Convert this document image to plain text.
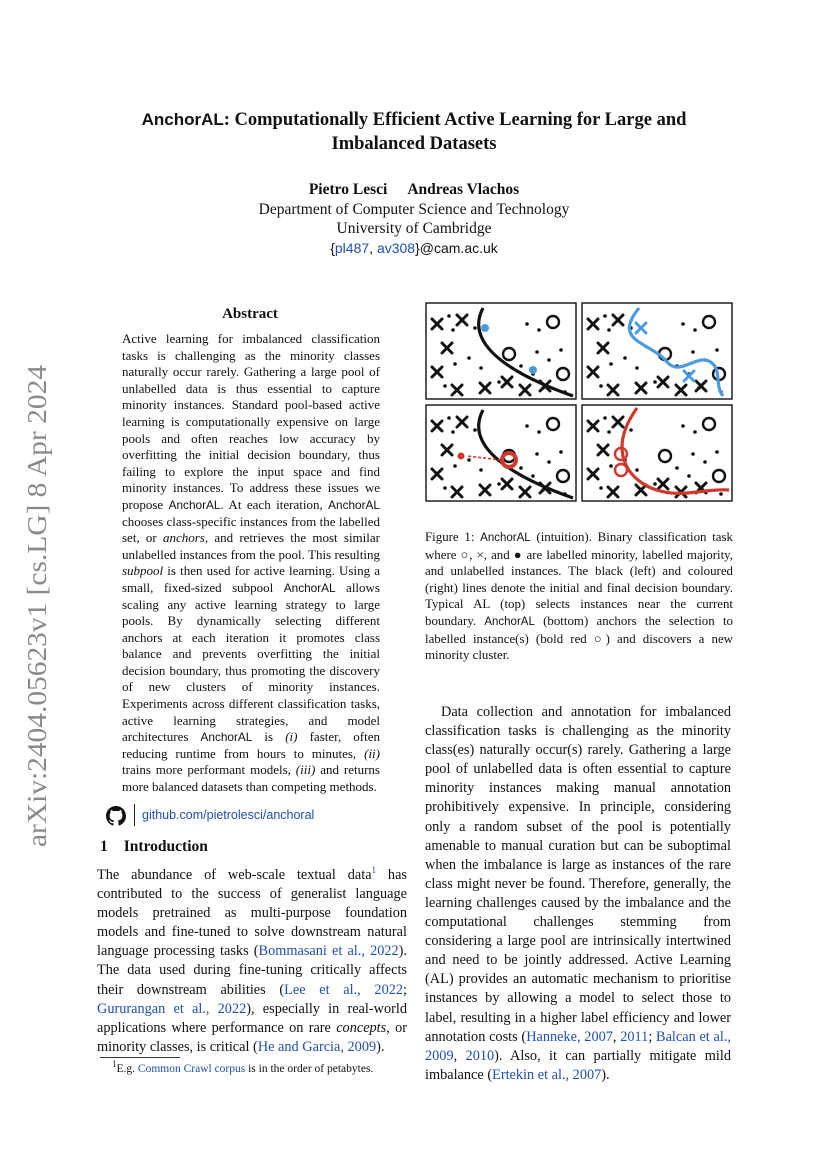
arXiv:2404.05623v1 [cs.LG] 8 Apr 2024
AnchorAL: Computationally Efficient Active Learning for Large and
Imbalanced Datasets
Pietro Lesci Andreas Vlachos
Department of Computer Science and Technology
University of Cambridge
{pl487, av308}@cam.ac.uk
Abstract
Active learning for imbalanced classification tasks is challenging as the minority classes naturally occur rarely. Gathering a large pool of unlabelled data is thus essential to capture minority instances. Standard pool-based active learning is computationally expensive on large pools and often reaches low accuracy by overfitting the initial decision boundary, thus failing to explore the input space and find minority instances. To address these issues we propose AnchorAL. At each iteration, AnchorAL chooses class-specific instances from the labelled set, or anchors, and retrieves the most similar unlabelled instances from the pool. This resulting subpool is then used for active learning. Using a small, fixed-sized subpool AnchorAL allows scaling any active learning strategy to large pools. By dynamically selecting different anchors at each iteration it promotes class balance and prevents overfitting the initial decision boundary, thus promoting the discovery of new clusters of minority instances. Experiments across different classification tasks, active learning strategies, and model architectures AnchorAL is (i) faster, often reducing runtime from hours to minutes, (ii) trains more performant models, (iii) and returns more balanced datasets than competing methods.
github.com/pietrolesci/anchoral
1 Introduction
The abundance of web-scale textual data$^1$ has contributed to the success of generalist language models pretrained as multi-purpose foundation models and fine-tuned to solve downstream natural language processing tasks (Bommasani et al., 2022). The data used during fine-tuning critically affects their downstream abilities (Lee et al., 2022; Gururangan et al., 2022), especially in real-world applications where performance on rare concepts, or minority classes, is critical (He and Garcia, 2009).
$^1$E.g. Common Crawl corpus is in the order of petabytes.
Figure 1: AnchorAL (intuition). Binary classification task where ○, ×, and ● are labelled minority, labelled majority, and unlabelled instances. The black (left) and coloured (right) lines denote the initial and final decision boundary. Typical AL (top) selects instances near the current boundary. AnchorAL (bottom) anchors the selection to labelled instance(s) (bold red ○) and discovers a new minority cluster.
Data collection and annotation for imbalanced classification tasks is challenging as the minority class(es) naturally occur(s) rarely. Gathering a large pool of unlabelled data is often essential to capture minority instances making manual annotation prohibitively expensive. In principle, considering only a random subset of the pool is potentially amenable to manual curation but can be suboptimal when the imbalance is large as instances of the rare class might never be found. Therefore, generally, the learning challenges caused by the imbalance and the computational challenges stemming from considering a large pool are intrinsically intertwined and need to be jointly addressed. Active Learning (AL) provides an automatic mechanism to prioritise instances by allowing a model to select those to label, resulting in a higher label efficiency and lower annotation costs (Hanneke, 2007, 2011; Balcan et al., 2009, 2010). Also, it can partially mitigate mild imbalance (Ertekin et al., 2007).
